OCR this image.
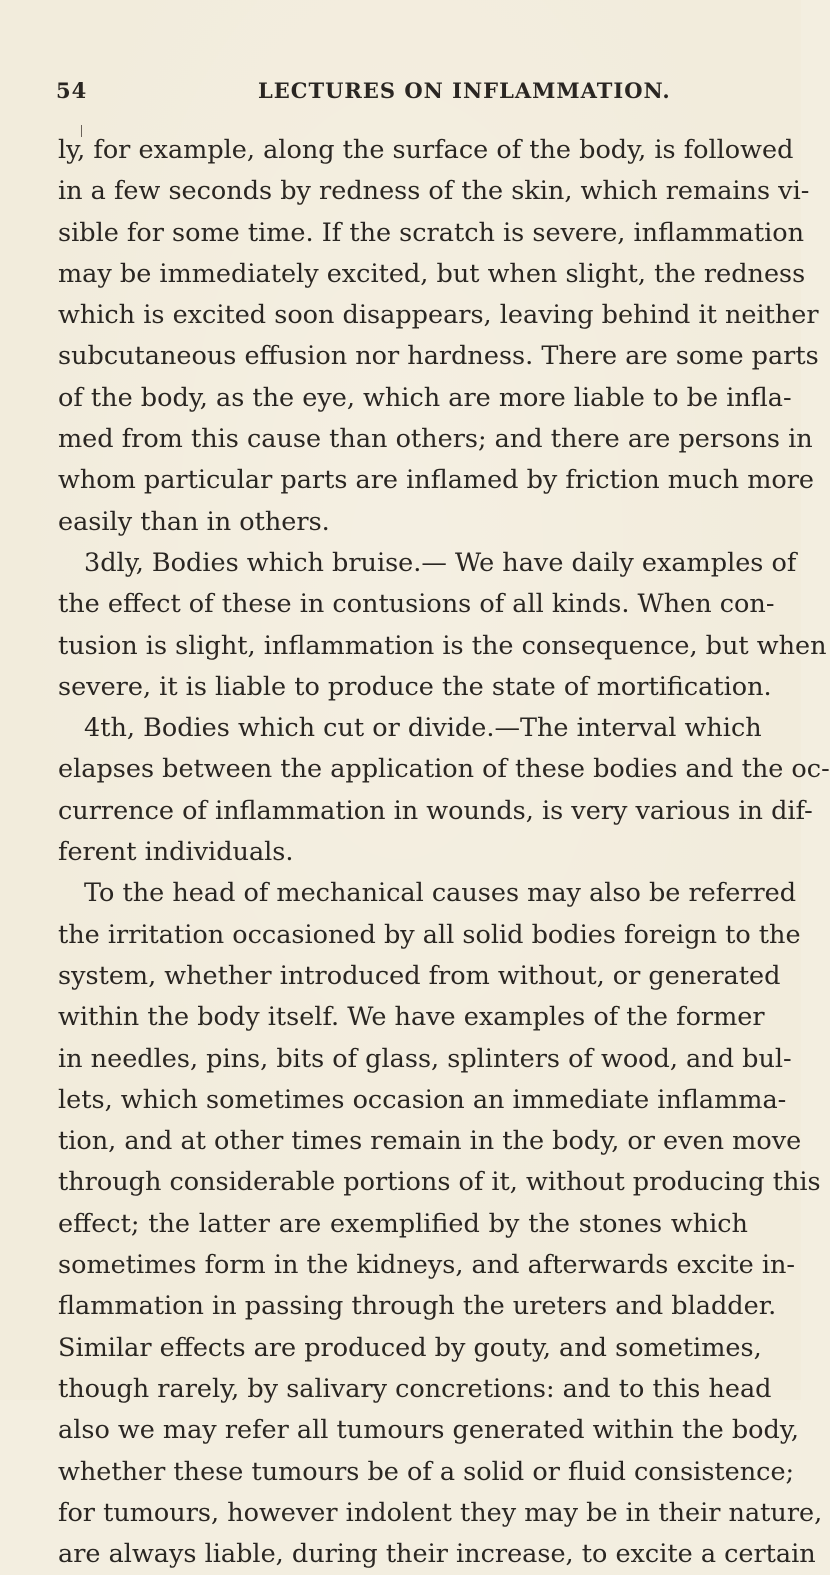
54	LECTURES ON INFLAMMATION.
ly, for example, along the surface of the body, is followed
in a few seconds by redness of the skin, which remains vi-
sible for some time. If the scratch is severe, inflammation
may be immediately excited, but when slight, the redness
which is excited soon disappears, leaving behind it neither
subcutaneous effusion nor hardness. There are some parts
of the body, as the eye, which are more liable to be infla-
med from this cause than others; and there are persons in
whom particular parts are inflamed by friction much more
easily than in others.
3dly, Bodies which bruise.— We have daily examples of
the effect of these in contusions of all kinds. When con-
tusion is slight, inflammation is the consequence, but when
severe, it is liable to produce the state of mortification.
4th, Bodies which cut or divide.—The interval which
elapses between the application of these bodies and the oc-
currence of inflammation in wounds, is very various in dif-
ferent individuals.
To the head of mechanical causes may also be referred
the irritation occasioned by all solid bodies foreign to the
system, whether introduced from without, or generated
within the body itself. We have examples of the former
in needles, pins, bits of glass, splinters of wood, and bul-
lets, which sometimes occasion an immediate inflamma-
tion, and at other times remain in the body, or even move
through considerable portions of it, without producing this
effect; the latter are exemplified by the stones which
sometimes form in the kidneys, and afterwards excite in-
flammation in passing through the ureters and bladder.
Similar effects are produced by gouty, and sometimes,
though rarely, by salivary concretions: and to this head
also we may refer all tumours generated within the body,
whether these tumours be of a solid or fluid consistence;
for tumours, however indolent they may be in their nature,
are always liable, during their increase, to excite a certain
